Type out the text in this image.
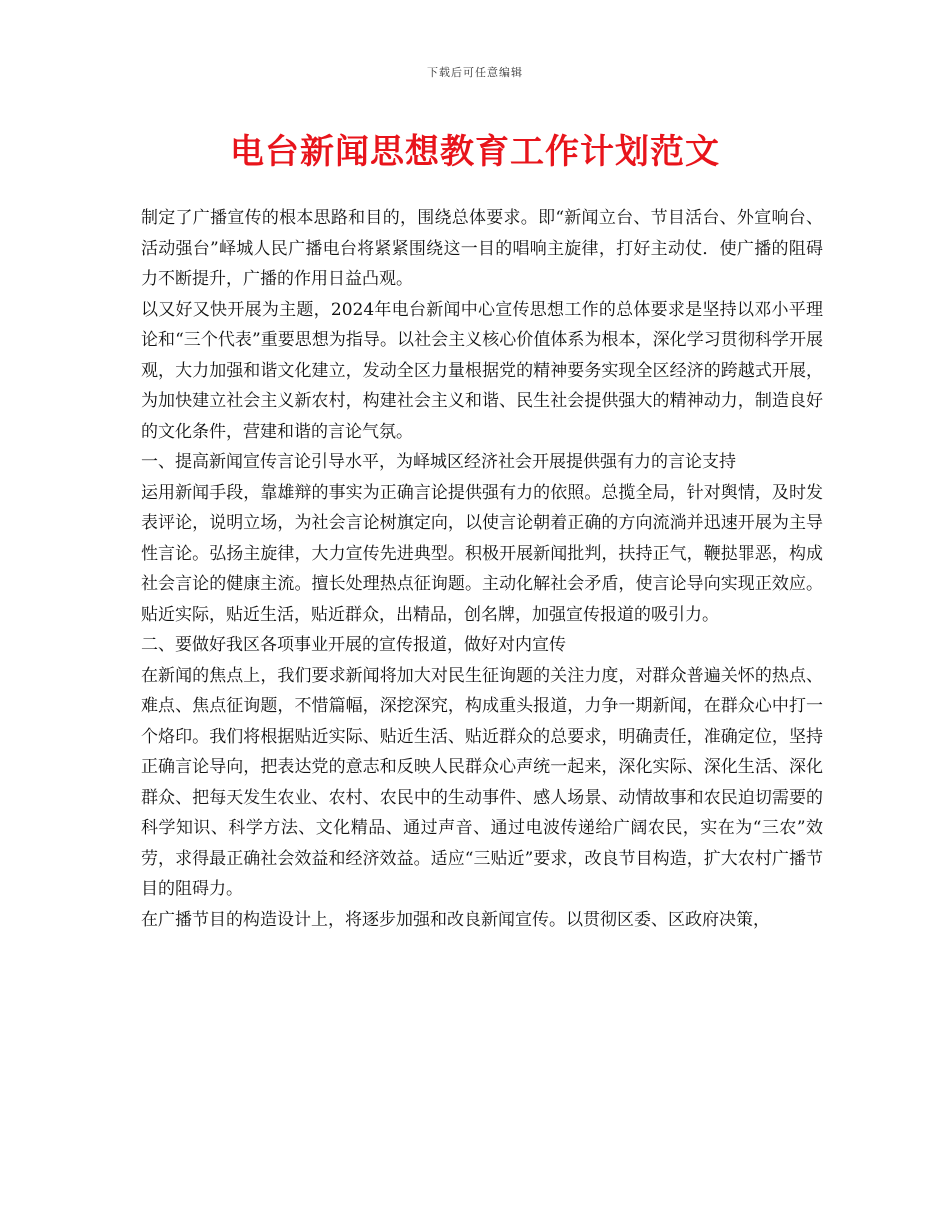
下载后可任意编辑
电台新闻思想教育工作计划范文

制定了广播宣传的根本思路和目的，围绕总体要求。即“新闻立台、节目活台、外宣响台、活动强台”峄城人民广播电台将紧紧围绕这一目的唱响主旋律，打好主动仗．使广播的阻碍力不断提升，广播的作用日益凸观。

以又好又快开展为主题，2024年电台新闻中心宣传思想工作的总体要求是坚持以邓小平理论和“三个代表”重要思想为指导。以社会主义核心价值体系为根本，深化学习贯彻科学开展观，大力加强和谐文化建立，发动全区力量根据党的精神要务实现全区经济的跨越式开展，为加快建立社会主义新农村，构建社会主义和谐、民生社会提供强大的精神动力，制造良好的文化条件，营建和谐的言论气氛。

一、提高新闻宣传言论引导水平，为峄城区经济社会开展提供强有力的言论支持

运用新闻手段，靠雄辩的事实为正确言论提供强有力的依照。总揽全局，针对舆情，及时发表评论，说明立场，为社会言论树旗定向，以使言论朝着正确的方向流淌并迅速开展为主导性言论。弘扬主旋律，大力宣传先进典型。积极开展新闻批判，扶持正气，鞭挞罪恶，构成社会言论的健康主流。擅长处理热点征询题。主动化解社会矛盾，使言论导向实现正效应。贴近实际，贴近生活，贴近群众，出精品，创名牌，加强宣传报道的吸引力。

二、要做好我区各项事业开展的宣传报道，做好对内宣传

在新闻的焦点上，我们要求新闻将加大对民生征询题的关注力度，对群众普遍关怀的热点、难点、焦点征询题，不惜篇幅，深挖深究，构成重头报道，力争一期新闻，在群众心中打一个烙印。我们将根据贴近实际、贴近生活、贴近群众的总要求，明确责任，准确定位，坚持正确言论导向，把表达党的意志和反映人民群众心声统一起来，深化实际、深化生活、深化群众、把每天发生农业、农村、农民中的生动事件、感人场景、动情故事和农民迫切需要的科学知识、科学方法、文化精品、通过声音、通过电波传递给广阔农民，实在为“三农”效劳，求得最正确社会效益和经济效益。适应“三贴近”要求，改良节目构造，扩大农村广播节目的阻碍力。

在广播节目的构造设计上，将逐步加强和改良新闻宣传。以贯彻区委、区政府决策，
